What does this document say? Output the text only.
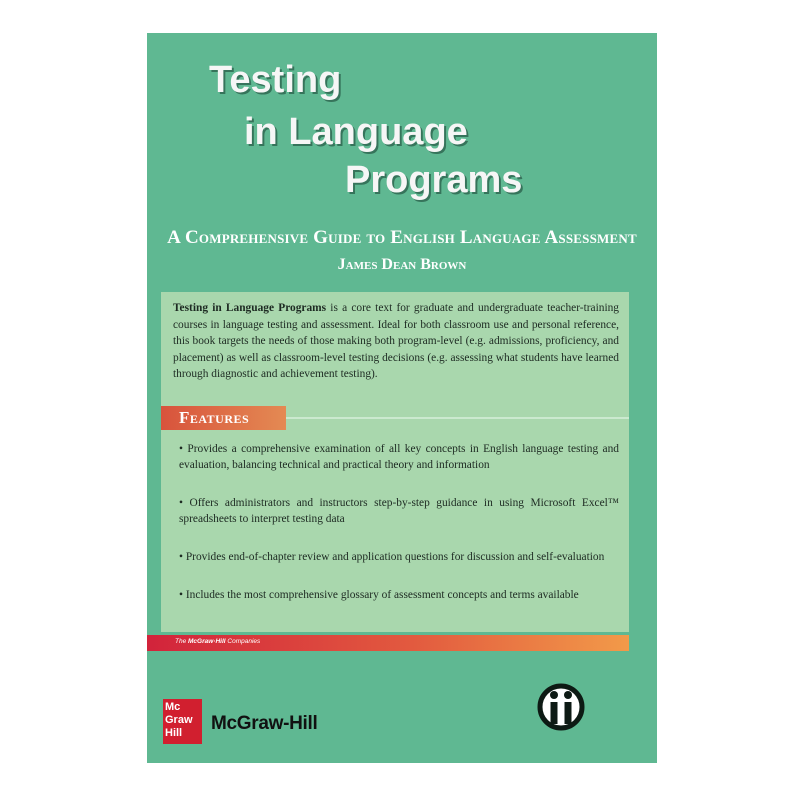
Testing
in Language
Programs
A Comprehensive Guide to English Language Assessment
James Dean Brown

Testing in Language Programs is a core text for graduate and undergraduate teacher-training courses in language testing and assessment. Ideal for both classroom use and personal reference, this book targets the needs of those making both program-level (e.g. admissions, proficiency, and placement) as well as classroom-level testing decisions (e.g. assessing what students have learned through diagnostic and achievement testing).

Features
• Provides a comprehensive examination of all key concepts in English language testing and evaluation, balancing technical and practical theory and information
• Offers administrators and instructors step-by-step guidance in using Microsoft Excel™ spreadsheets to interpret testing data
• Provides end-of-chapter review and application questions for discussion and self-evaluation
• Includes the most comprehensive glossary of assessment concepts and terms available
The McGraw·Hill Companies
Mc
Graw
Hill	McGraw-Hill
